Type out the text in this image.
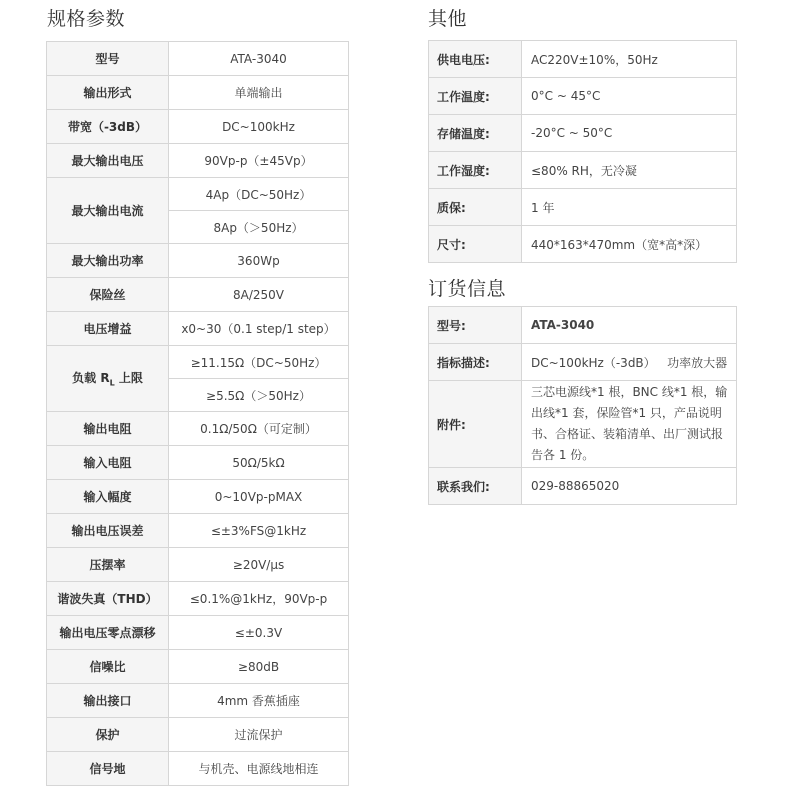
规格参数	其他
订货信息
型号	ATA-3040
输出形式	单端输出
带宽（-3dB）	DC~100kHz
最大输出电压	90Vp-p（±45Vp）
最大输出电流	4Ap（DC~50Hz）
	8Ap（＞50Hz）
最大输出功率	360Wp
保险丝	8A/250V
电压增益	x0~30（0.1 step/1 step）
负载 $R_L$ 上限	≥11.15Ω（DC~50Hz）
	≥5.5Ω（＞50Hz）
输出电阻	0.1Ω/50Ω（可定制）
输入电阻	50Ω/5kΩ
输入幅度	0~10Vp-pMAX
输出电压误差	≤±3%FS@1kHz
压摆率	≥20V/μs
谐波失真（THD）	≤0.1%@1kHz，90Vp-p
输出电压零点漂移	≤±0.3V
信噪比	≥80dB
输出接口	4mm 香蕉插座
保护	过流保护
信号地	与机壳、电源线地相连
供电电压:	AC220V±10%，50Hz
工作温度:	0°C ~ 45°C
存储温度:	-20°C ~ 50°C
工作湿度:	≤80% RH，无冷凝
质保:	1 年
尺寸:	440*163*470mm（宽*高*深）
型号:	ATA-3040
指标描述:	DC~100kHz（-3dB）   功率放大器
附件:	三芯电源线*1 根，BNC 线*1 根，输出线*1 套，保险管*1 只，产品说明书、合格证、装箱清单、出厂测试报告各 1 份。
联系我们:	029-88865020
